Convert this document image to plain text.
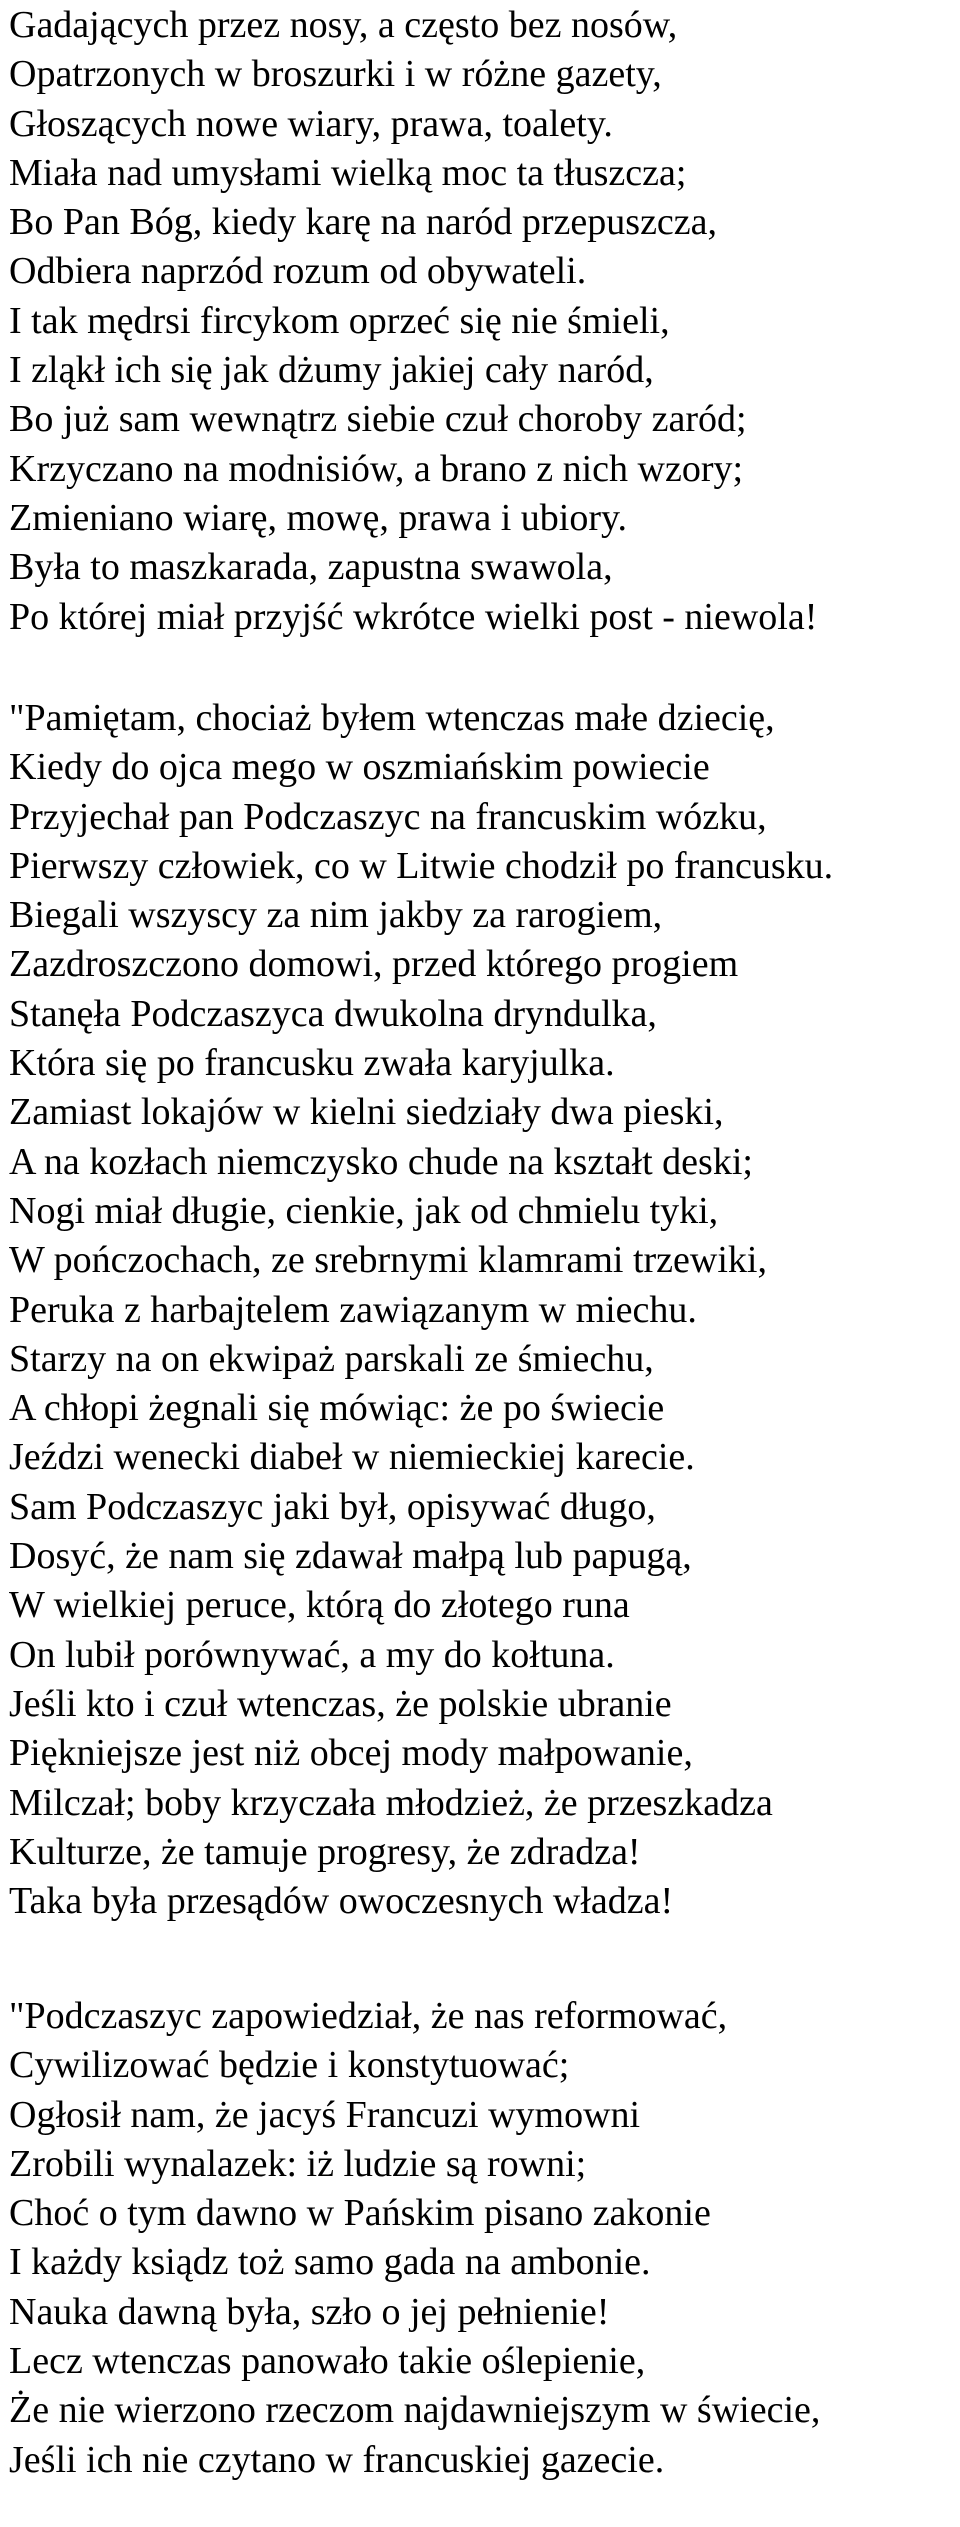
Gadających przez nosy, a często bez nosów,
Opatrzonych w broszurki i w różne gazety,
Głoszących nowe wiary, prawa, toalety.
Miała nad umysłami wielką moc ta tłuszcza;
Bo Pan Bóg, kiedy karę na naród przepuszcza,
Odbiera naprzód rozum od obywateli.
I tak mędrsi fircykom oprzeć się nie śmieli,
I zląkł ich się jak dżumy jakiej cały naród,
Bo już sam wewnątrz siebie czuł choroby zaród;
Krzyczano na modnisiów, a brano z nich wzory;
Zmieniano wiarę, mowę, prawa i ubiory.
Była to maszkarada, zapustna swawola,
Po której miał przyjść wkrótce wielki post - niewola!
"Pamiętam, chociaż byłem wtenczas małe dziecię,
Kiedy do ojca mego w oszmiańskim powiecie
Przyjechał pan Podczaszyc na francuskim wózku,
Pierwszy człowiek, co w Litwie chodził po francusku.
Biegali wszyscy za nim jakby za rarogiem,
Zazdroszczono domowi, przed którego progiem
Stanęła Podczaszyca dwukolna dryndulka,
Która się po francusku zwała karyjulka.
Zamiast lokajów w kielni siedziały dwa pieski,
A na kozłach niemczysko chude na kształt deski;
Nogi miał długie, cienkie, jak od chmielu tyki,
W pończochach, ze srebrnymi klamrami trzewiki,
Peruka z harbajtelem zawiązanym w miechu.
Starzy na on ekwipaż parskali ze śmiechu,
A chłopi żegnali się mówiąc: że po świecie
Jeździ wenecki diabeł w niemieckiej karecie.
Sam Podczaszyc jaki był, opisywać długo,
Dosyć, że nam się zdawał małpą lub papugą,
W wielkiej peruce, którą do złotego runa
On lubił porównywać, a my do kołtuna.
Jeśli kto i czuł wtenczas, że polskie ubranie
Piękniejsze jest niż obcej mody małpowanie,
Milczał; boby krzyczała młodzież, że przeszkadza
Kulturze, że tamuje progresy, że zdradza!
Taka była przesądów owoczesnych władza!
"Podczaszyc zapowiedział, że nas reformować,
Cywilizować będzie i konstytuować;
Ogłosił nam, że jacyś Francuzi wymowni
Zrobili wynalazek: iż ludzie są rowni;
Choć o tym dawno w Pańskim pisano zakonie
I każdy ksiądz toż samo gada na ambonie.
Nauka dawną była, szło o jej pełnienie!
Lecz wtenczas panowało takie oślepienie,
Że nie wierzono rzeczom najdawniejszym w świecie,
Jeśli ich nie czytano w francuskiej gazecie.
